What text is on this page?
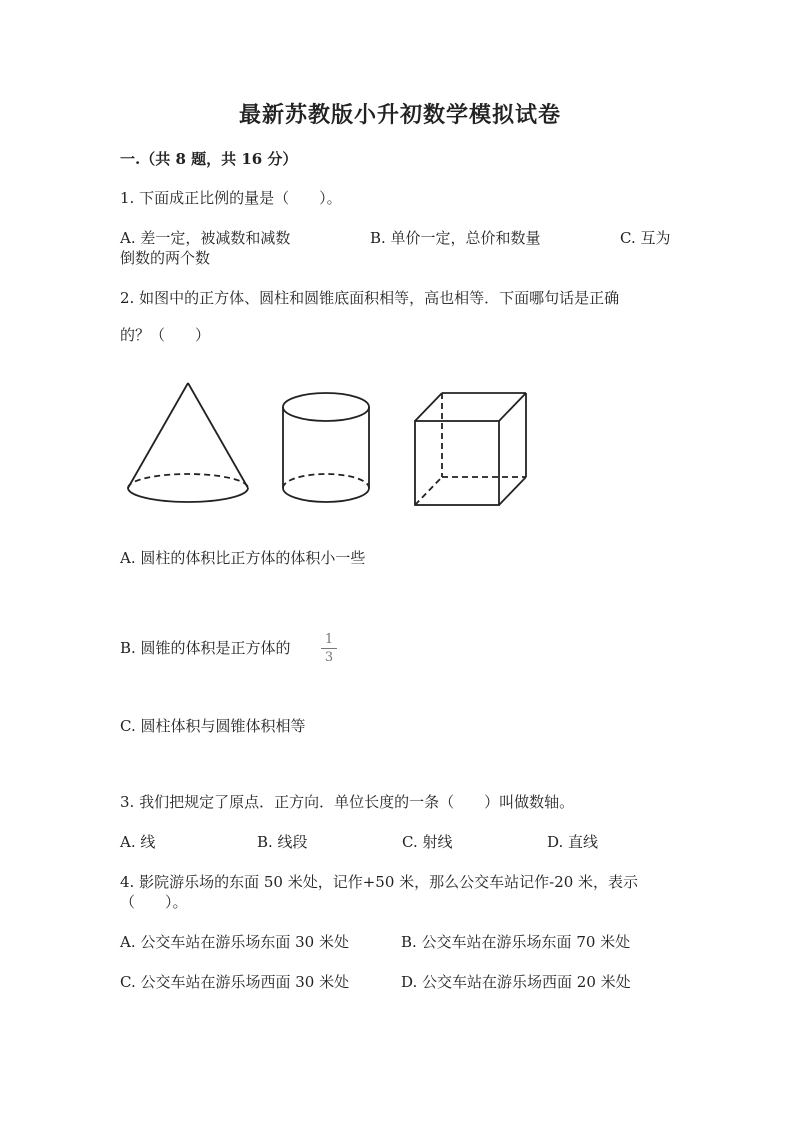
最新苏教版小升初数学模拟试卷
一.（共 8 题，共 16 分）
1. 下面成正比例的量是（　　）。
A. 差一定，被减数和减数	B. 单价一定，总价和数量	C. 互为
倒数的两个数
2. 如图中的正方体、圆柱和圆锥底面积相等，高也相等．下面哪句话是正确
的？（　　）
A. 圆柱的体积比正方体的体积小一些
B. 圆锥的体积是正方体的	1
3
C. 圆柱体积与圆锥体积相等
3. 我们把规定了原点．正方向．单位长度的一条（　　）叫做数轴。
A. 线	B. 线段	C. 射线	D. 直线
4. 影院游乐场的东面 50 米处，记作+50 米，那么公交车站记作-20 米，表示
（　　）。
A. 公交车站在游乐场东面 30 米处	B. 公交车站在游乐场东面 70 米处
C. 公交车站在游乐场西面 30 米处	D. 公交车站在游乐场西面 20 米处
